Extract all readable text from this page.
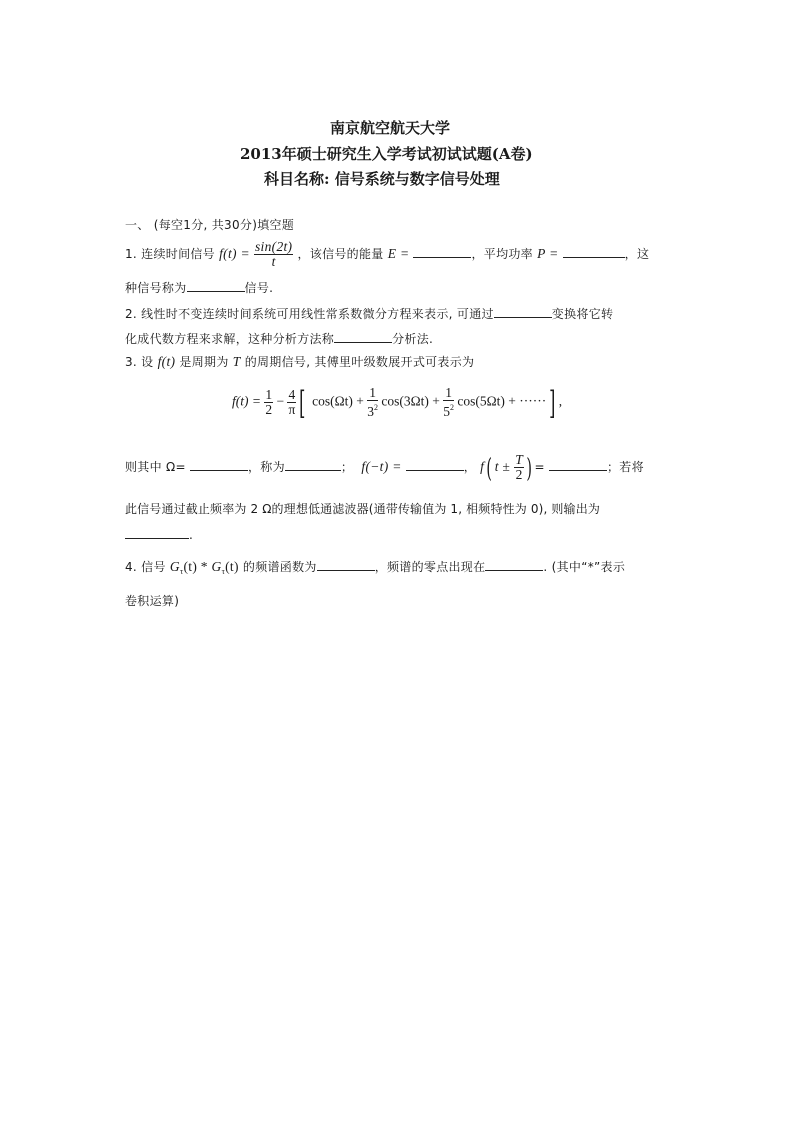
南京航空航天大学
2013年硕士研究生入学考试初试试题(A卷)
科目名称: 信号系统与数字信号处理
一、 (每空1分, 共30分)填空题
1. 连续时间信号 $f(t) = \frac{\sin(2t)}{t}$ ，该信号的能量 E =	，平均功率 P =	，这
种信号称为	信号.
2. 线性时不变连续时间系统可用线性常系数微分方程来表示, 可通过	变换将它转
化成代数方程来求解，这种分析方法称	分析法.
3. 设 f(t) 是周期为 T 的周期信号, 其傅里叶级数展开式可表示为
$f(t) = \frac{1}{2} - \frac{4}{\pi}$ [ $\cos(\Omega t) + \frac{1}{3^2} \cos(3\Omega t) + \frac{1}{5^2} \cos(5\Omega t)$ + ······] ,
则其中 Ω=	，称为	； f(−t) =	， f( $t \pm \frac{T}{2}$ ) =	；若将
此信号通过截止频率为 2 Ω的理想低通滤波器(通带传输值为 1, 相频特性为 0), 则输出为
.
4. 信号 $G_\tau(t) * G_\tau(t)$ 的频谱函数为	，频谱的零点出现在	. (其中“*”表示
卷积运算)
